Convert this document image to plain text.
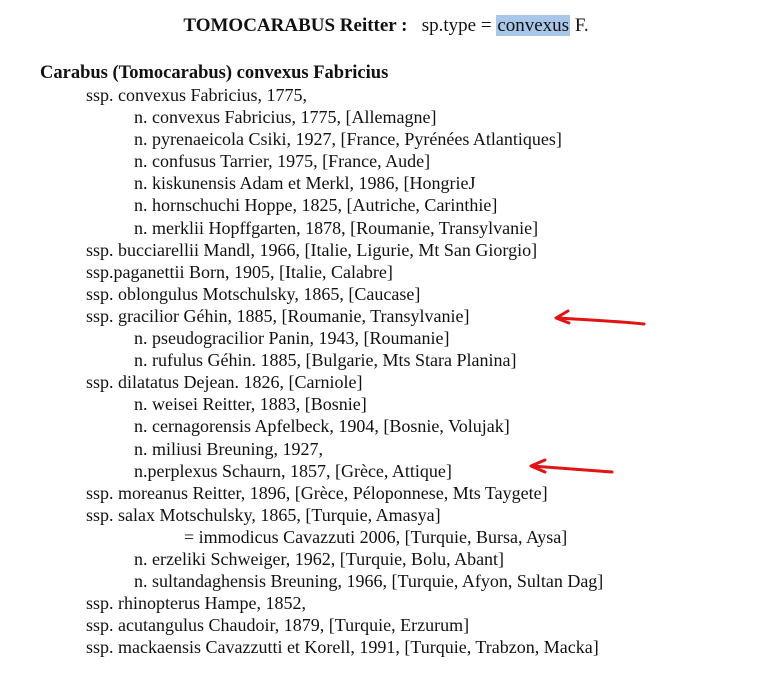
TOMOCARABUS Reitter : sp.type = convexus F.
Carabus (Tomocarabus) convexus Fabricius
ssp. convexus Fabricius, 1775,
n. convexus Fabricius, 1775, [Allemagne]
n. pyrenaeicola Csiki, 1927, [France, Pyrénées Atlantiques]
n. confusus Tarrier, 1975, [France, Aude]
n. kiskunensis Adam et Merkl, 1986, [HongrieJ
n. hornschuchi Hoppe, 1825, [Autriche, Carinthie]
n. merklii Hopffgarten, 1878, [Roumanie, Transylvanie]
ssp. bucciarellii Mandl, 1966, [Italie, Ligurie, Mt San Giorgio]
ssp.paganettii Born, 1905, [Italie, Calabre]
ssp. oblongulus Motschulsky, 1865, [Caucase]
ssp. gracilior Géhin, 1885, [Roumanie, Transylvanie]
n. pseudogracilior Panin, 1943, [Roumanie]
n. rufulus Géhin. 1885, [Bulgarie, Mts Stara Planina]
ssp. dilatatus Dejean. 1826, [Carniole]
n. weisei Reitter, 1883, [Bosnie]
n. cernagorensis Apfelbeck, 1904, [Bosnie, Volujak]
n. miliusi Breuning, 1927,
n.perplexus Schaurn, 1857, [Grèce, Attique]
ssp. moreanus Reitter, 1896, [Grèce, Péloponnese, Mts Taygete]
ssp. salax Motschulsky, 1865, [Turquie, Amasya]
= immodicus Cavazzuti 2006, [Turquie, Bursa, Aysa]
n. erzeliki Schweiger, 1962, [Turquie, Bolu, Abant]
n. sultandaghensis Breuning, 1966, [Turquie, Afyon, Sultan Dag]
ssp. rhinopterus Hampe, 1852,
ssp. acutangulus Chaudoir, 1879, [Turquie, Erzurum]
ssp. mackaensis Cavazzutti et Korell, 1991, [Turquie, Trabzon, Macka]
